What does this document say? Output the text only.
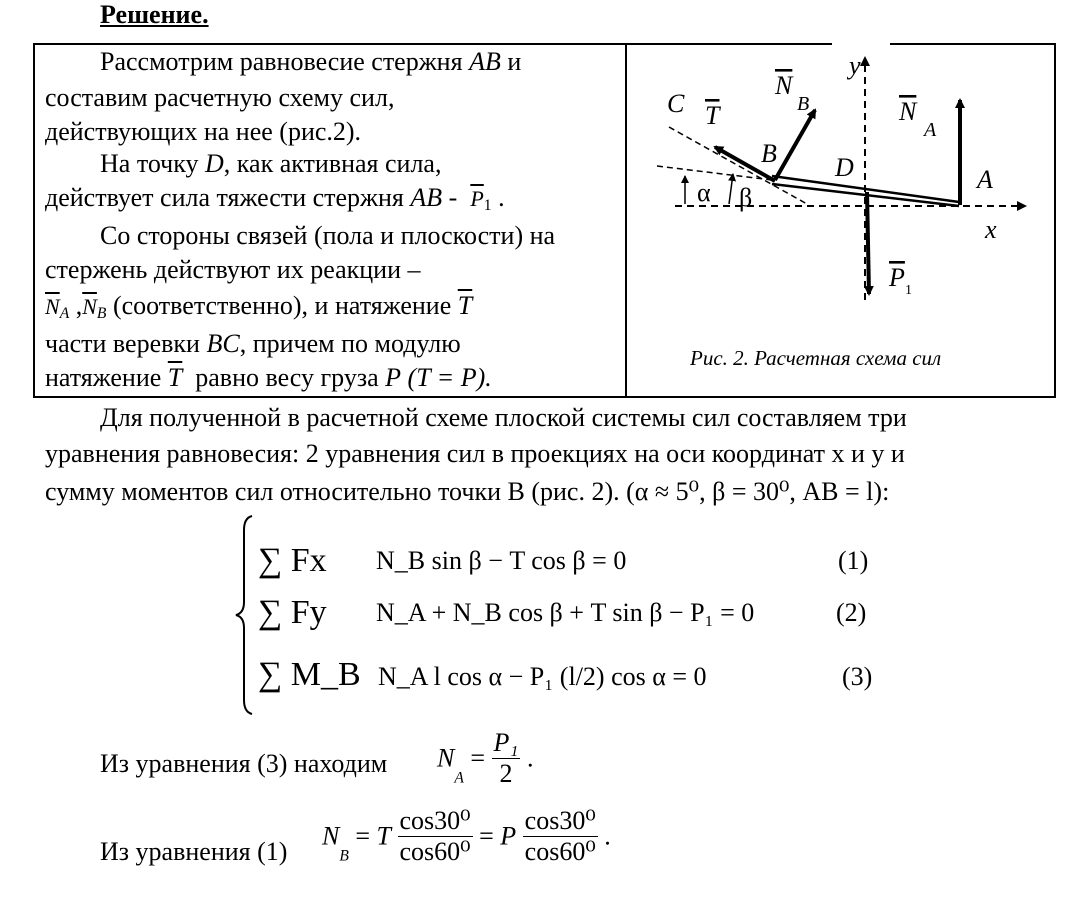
Решение.
Рассмотрим равновесие стержня AB и
составим расчетную схему сил,
действующих на нее (рис.2).
На точку D, как активная сила,
действует сила тяжести стержня AB - $\overline{P}_1$ .
Со стороны связей (пола и плоскости) на
стержень действуют их реакции –
$\overline{N}_A$ $,\overline{N}_B$ (соответственно), и натяжение $\overline{T}$
части веревки BC, причем по модулю
натяжение $\overline{T}$ равно весу груза P (T = P).
y
x
C
B D	A
T
N
B	N
A
P 1
α β
Рис. 2. Расчетная схема сил
Для полученной в расчетной схеме плоской системы сил составляем три
уравнения равновесия: 2 уравнения сил в проекциях на оси координат x и y и
сумму моментов сил относительно точки B (рис. 2). (α ≈ 5⁰, β = 30⁰, AB = l):
∑ Fx N_B sin β − T cos β = 0	(1)
∑ Fy N_A + N_B cos β + T sin β − P₁ = 0	(2)
∑ M_B N_A l cos α − P₁ (l/2) cos α = 0	(3)
Из уравнения (3) находим $N_A = \frac{\text{P₁}}{2}$ .
Из уравнения (1)
$N_B = T \frac{\text{cos30⁰}}{\text{cos60⁰}} = P \frac{\text{cos30⁰}}{\text{cos60⁰}}$ .
